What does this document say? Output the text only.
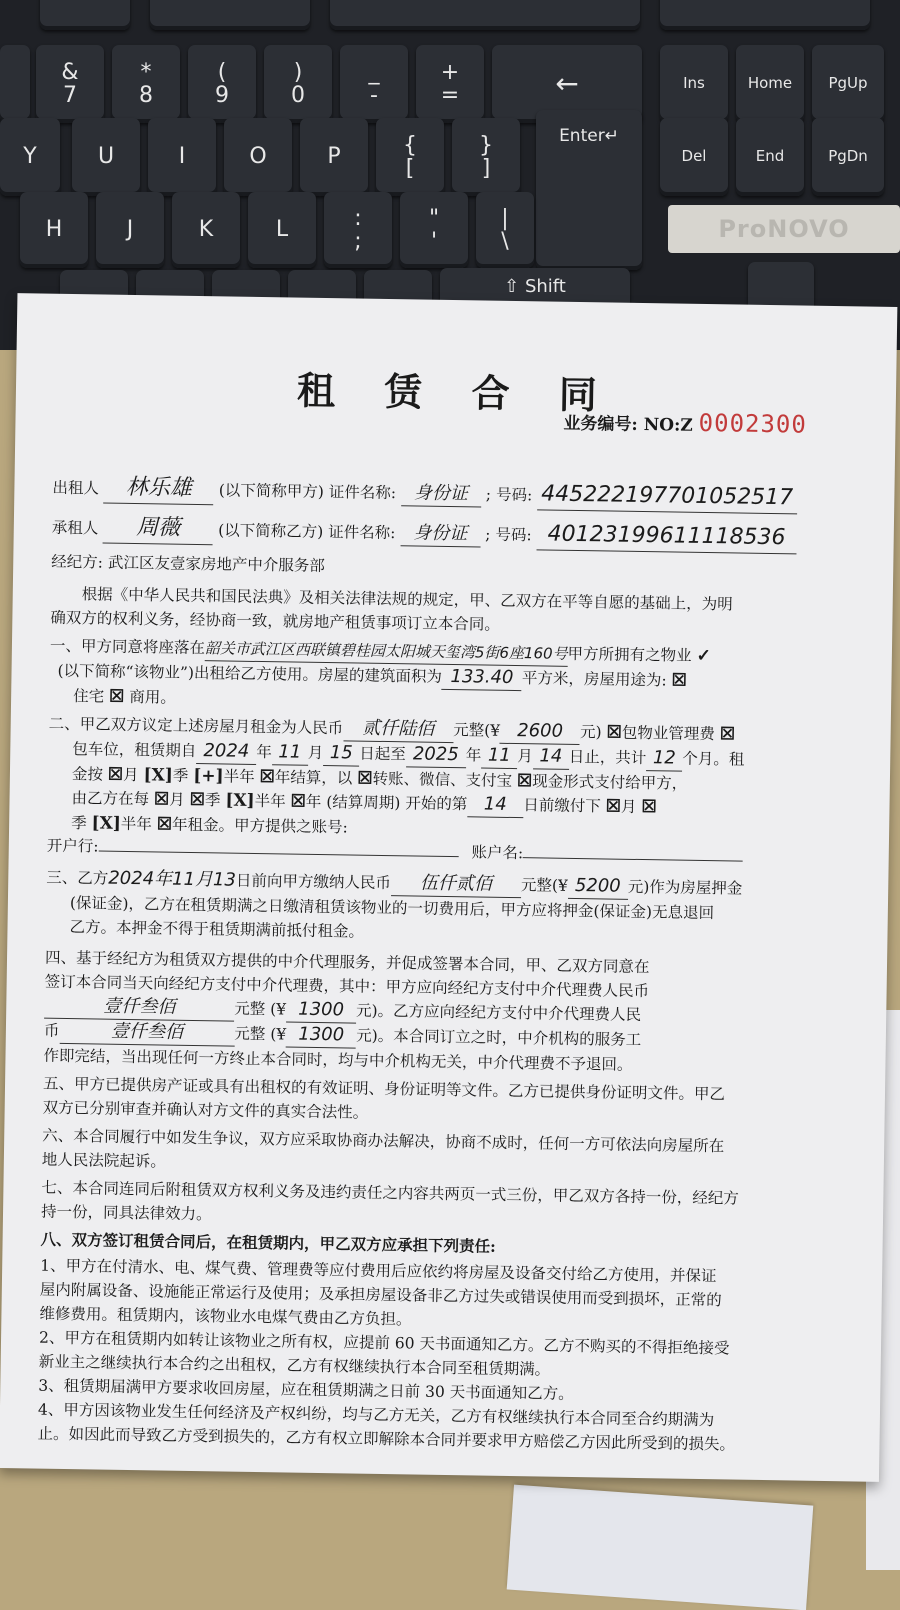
&
7
*
8
(
9
)
0
_
-
+
=	←	Ins	Home	PgUp
Y	U	I	O	P	{
[
}
]
Enter↵
Del	End	PgDn
H	J	K	L	:
;
"
'
|
\
⇧ Shift
ProNOVO
租 赁 合 同
业务编号: NO:Z 0002300
出租人 林乐雄 (以下简称甲方) 证件名称: 身份证 ; 号码: 445222197701052517
承租人 周薇 (以下简称乙方) 证件名称: 身份证 ; 号码: 40123199611118536
经纪方: 武江区友壹家房地产中介服务部
根据《中华人民共和国民法典》及相关法律法规的规定，甲、乙双方在平等自愿的基础上，为明
确双方的权利义务，经协商一致，就房地产租赁事项订立本合同。
一、甲方同意将座落在韶关市武江区西联镇碧桂园太阳城天玺湾5街6座160号甲方所拥有之物业 ✓
(以下简称“该物业”)出租给乙方使用。房屋的建筑面积为 133.40 平方米，房屋用途为: ☒
住宅 ☒ 商用。
二、甲乙双方议定上述房屋月租金为人民币 贰仟陆佰 元整(¥ 2600 元) ☒包物业管理费 ☒
包车位，租赁期自 2024 年 11 月 15 日起至 2025 年 11 月 14 日止，共计 12 个月。租
金按 ☒月 [X]季 [+]半年 ☒年结算，以 ☒转账、微信、支付宝 ☒现金形式支付给甲方，
由乙方在每 ☒月 ☒季 [X]半年 ☒年 (结算周期) 开始的第 14 日前缴付下 ☒月 ☒
季 [X]半年 ☒年租金。甲方提供之账号:
开户行:	账户名:
三、乙方2024年11月13日前向甲方缴纳人民币 伍仟贰佰 元整(¥ 5200 元)作为房屋押金
(保证金)，乙方在租赁期满之日缴清租赁该物业的一切费用后，甲方应将押金(保证金)无息退回
乙方。本押金不得于租赁期满前抵付租金。
四、基于经纪方为租赁双方提供的中介代理服务，并促成签署本合同，甲、乙双方同意在
签订本合同当天向经纪方支付中介代理费，其中：甲方应向经纪方支付中介代理费人民币
壹仟叁佰	元整 (¥ 1300 元)。乙方应向经纪方支付中介代理费人民
币	壹仟叁佰	元整 (¥ 1300 元)。本合同订立之时，中介机构的服务工
作即完结，当出现任何一方终止本合同时，均与中介机构无关，中介代理费不予退回。
五、甲方已提供房产证或具有出租权的有效证明、身份证明等文件。乙方已提供身份证明文件。甲乙
双方已分别审查并确认对方文件的真实合法性。
六、本合同履行中如发生争议，双方应采取协商办法解决，协商不成时，任何一方可依法向房屋所在
地人民法院起诉。
七、本合同连同后附租赁双方权利义务及违约责任之内容共两页一式三份，甲乙双方各持一份，经纪方
持一份，同具法律效力。
八、双方签订租赁合同后，在租赁期内，甲乙双方应承担下列责任:
1、甲方在付清水、电、煤气费、管理费等应付费用后应依约将房屋及设备交付给乙方使用，并保证
屋内附属设备、设施能正常运行及使用；及承担房屋设备非乙方过失或错误使用而受到损坏，正常的
维修费用。租赁期内，该物业水电煤气费由乙方负担。
2、甲方在租赁期内如转让该物业之所有权，应提前 60 天书面通知乙方。乙方不购买的不得拒绝接受
新业主之继续执行本合约之出租权，乙方有权继续执行本合同至租赁期满。
3、租赁期届满甲方要求收回房屋，应在租赁期满之日前 30 天书面通知乙方。
4、甲方因该物业发生任何经济及产权纠纷，均与乙方无关，乙方有权继续执行本合同至合约期满为
止。如因此而导致乙方受到损失的，乙方有权立即解除本合同并要求甲方赔偿乙方因此所受到的损失。
